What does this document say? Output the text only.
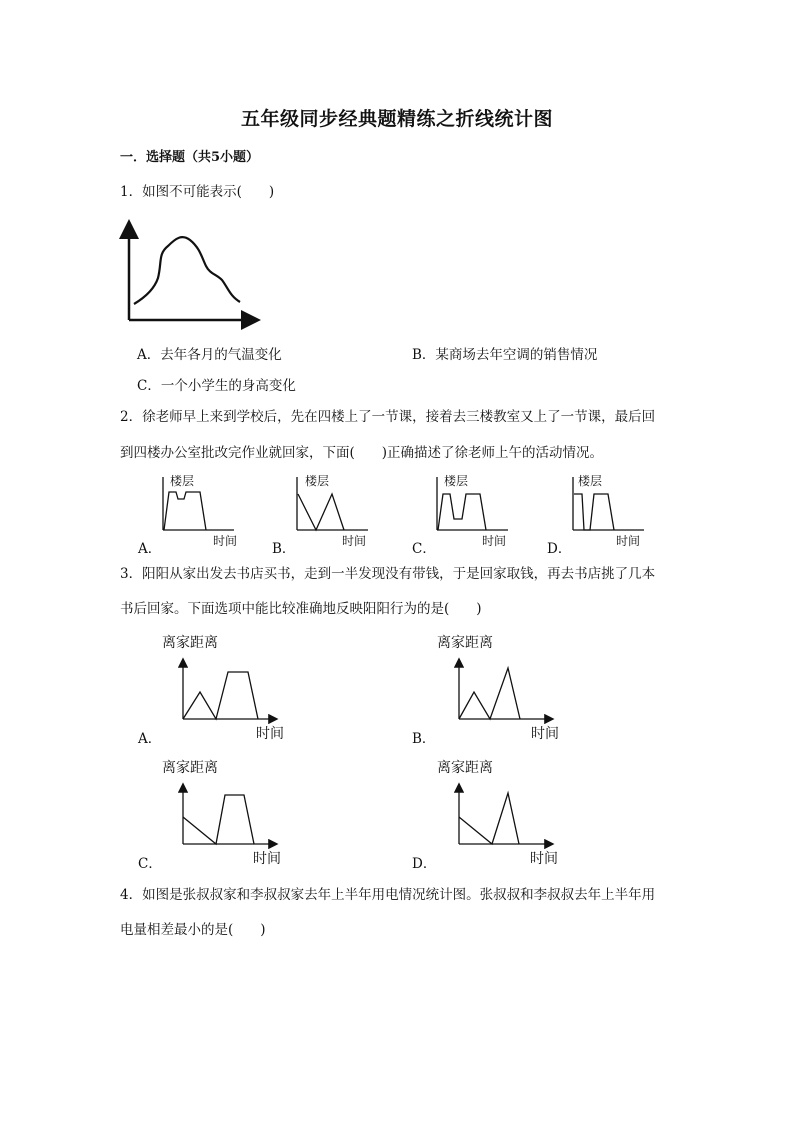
五年级同步经典题精练之折线统计图
一．选择题（共5小题）
1．如图不可能表示(　　)
A．去年各月的气温变化	B．某商场去年空调的销售情况
C．一个小学生的身高变化
2．徐老师早上来到学校后，先在四楼上了一节课，接着去三楼教室又上了一节课，最后回
到四楼办公室批改完作业就回家，下面(　　)正确描述了徐老师上午的活动情况。
A．
楼层
时间	B．
楼层
时间	C．
楼层
时间	D．
楼层
时间
3．阳阳从家出发去书店买书，走到一半发现没有带钱，于是回家取钱，再去书店挑了几本
书后回家。下面选项中能比较准确地反映阳阳行为的是(　　)
离家距离
时间
A．
离家距离
时间
B．
离家距离
时间
C．
离家距离
时间
D．
4．如图是张叔叔家和李叔叔家去年上半年用电情况统计图。张叔叔和李叔叔去年上半年用
电量相差最小的是(　　)
